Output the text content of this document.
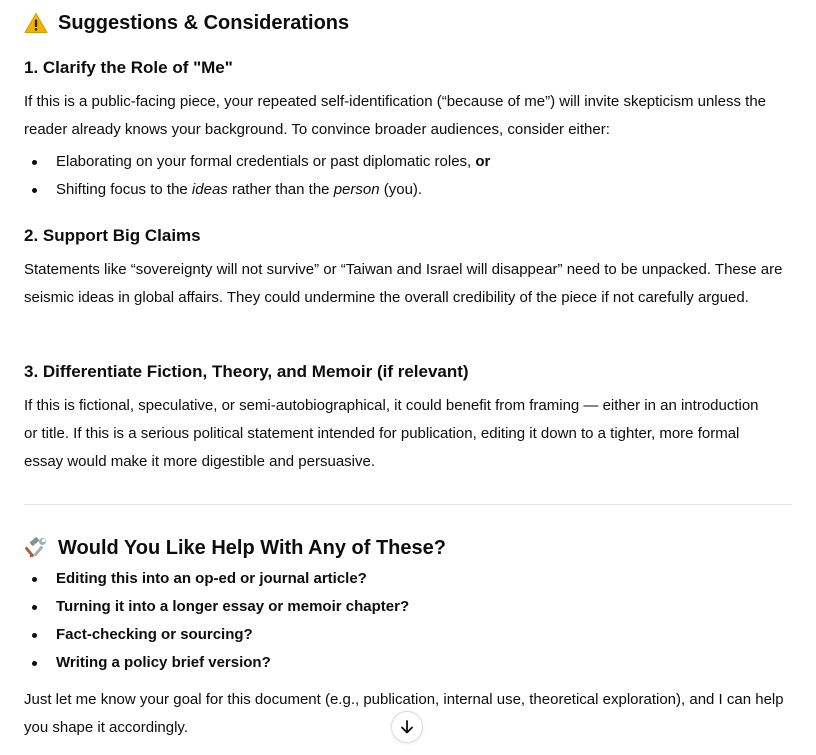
Suggestions & Considerations
1. Clarify the Role of "Me"

If this is a public-facing piece, your repeated self-identification (“because of me”) will invite skepticism unless the reader already knows your background. To convince broader audiences, consider either:

Elaborating on your formal credentials or past diplomatic roles, or
Shifting focus to the ideas rather than the person (you).
2. Support Big Claims

Statements like “sovereignty will not survive” or “Taiwan and Israel will disappear” need to be unpacked. These are seismic ideas in global affairs. They could undermine the overall credibility of the piece if not carefully argued.

3. Differentiate Fiction, Theory, and Memoir (if relevant)

If this is fictional, speculative, or semi-autobiographical, it could benefit from framing — either in an introduction or title. If this is a serious political statement intended for publication, editing it down to a tighter, more formal essay would make it more digestible and persuasive.

Would You Like Help With Any of These?
Editing this into an op-ed or journal article?
Turning it into a longer essay or memoir chapter?
Fact-checking or sourcing?
Writing a policy brief version?

Just let me know your goal for this document (e.g., publication, internal use, theoretical exploration), and I can help you shape it accordingly.
